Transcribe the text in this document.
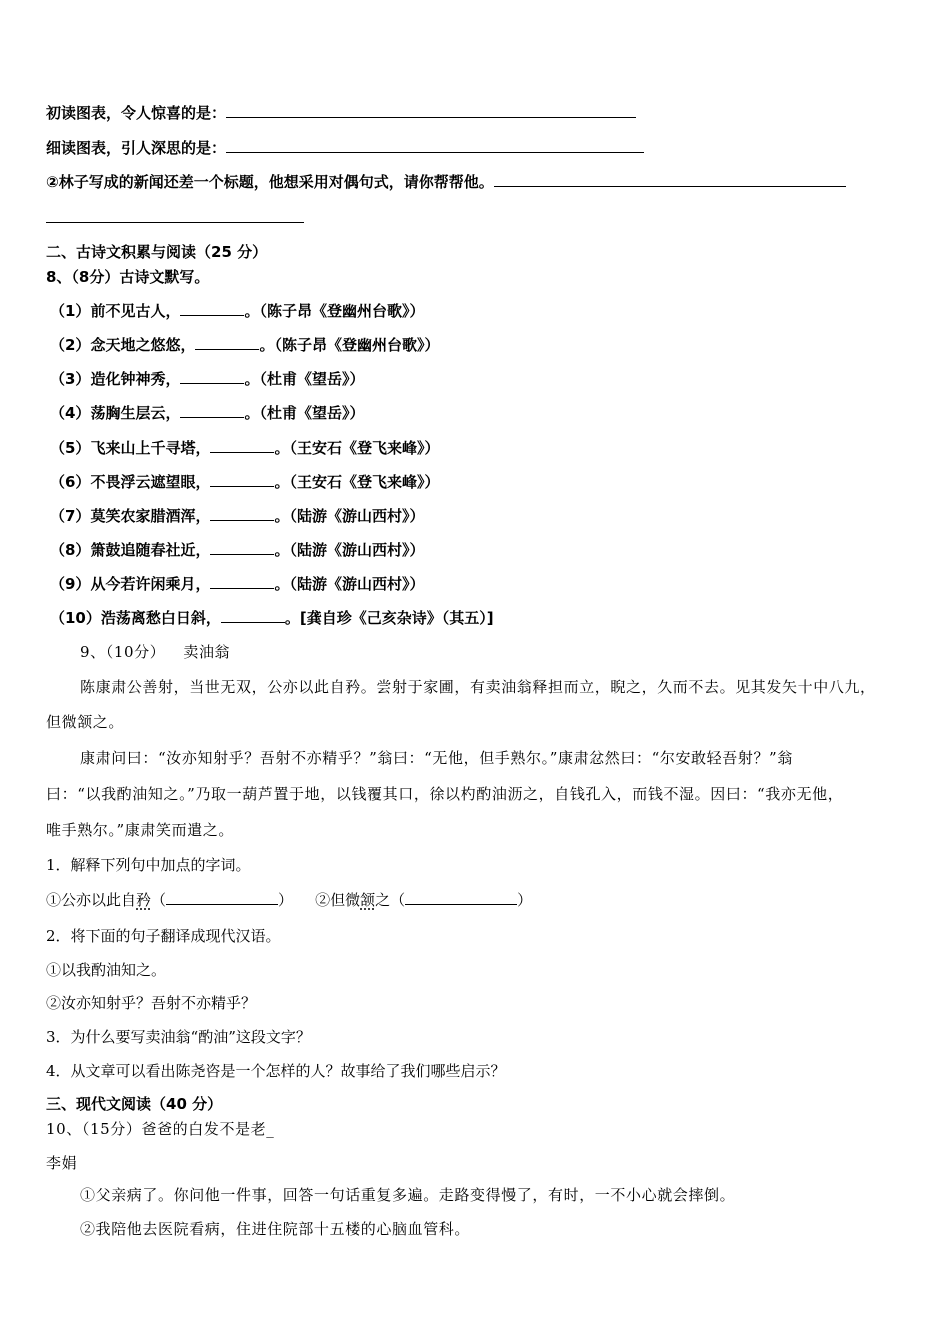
初读图表，令人惊喜的是：
细读图表，引人深思的是：
②林子写成的新闻还差一个标题，他想采用对偶句式，请你帮帮他。
二、古诗文积累与阅读（25 分）
8、（8分）古诗文默写。
（1）前不见古人，	。（陈子昂《登幽州台歌》）
（2）念天地之悠悠，	。（陈子昂《登幽州台歌》）
（3）造化钟神秀，	。（杜甫《望岳》）
（4）荡胸生层云，	。（杜甫《望岳》）
（5）飞来山上千寻塔，	。（王安石《登飞来峰》）
（6）不畏浮云遮望眼，	。（王安石《登飞来峰》）
（7）莫笑农家腊酒浑，	。（陆游《游山西村》）
（8）箫鼓追随春社近，	。（陆游《游山西村》）
（9）从今若许闲乘月，	。（陆游《游山西村》）
（10）浩荡离愁白日斜，	。[龚自珍《己亥杂诗》（其五）]
9、（10分） 卖油翁
陈康肃公善射，当世无双，公亦以此自矜。尝射于家圃，有卖油翁释担而立，睨之，久而不去。见其发矢十中八九，
但微颔之。
康肃问曰：“汝亦知射乎？吾射不亦精乎？”翁曰：“无他，但手熟尔。”康肃忿然曰：“尔安敢轻吾射？”翁
曰：“以我酌油知之。”乃取一葫芦置于地，以钱覆其口，徐以杓酌油沥之，自钱孔入，而钱不湿。因曰：“我亦无他，
唯手熟尔。”康肃笑而遣之。
1．解释下列句中加点的字词。
①公亦以此自矜（	） ②但微颔之（	）
2．将下面的句子翻译成现代汉语。
①以我酌油知之。
②汝亦知射乎？吾射不亦精乎？
3．为什么要写卖油翁“酌油”这段文字？
4．从文章可以看出陈尧咨是一个怎样的人？故事给了我们哪些启示？
三、现代文阅读（40 分）
10、（15分）爸爸的白发不是老_
李娟
①父亲病了。你问他一件事，回答一句话重复多遍。走路变得慢了，有时，一不小心就会摔倒。
②我陪他去医院看病，住进住院部十五楼的心脑血管科。
